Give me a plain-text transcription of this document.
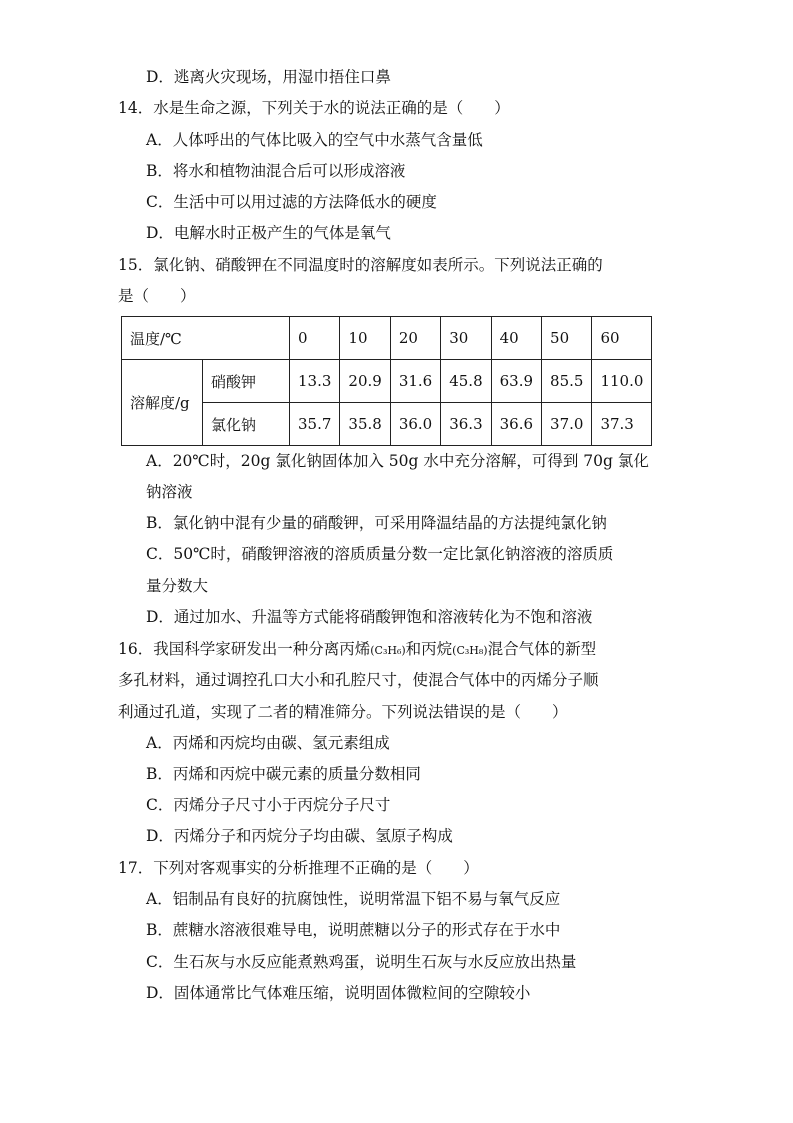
D．逃离火灾现场，用湿巾捂住口鼻
14．水是生命之源，下列关于水的说法正确的是（　　）
A．人体呼出的气体比吸入的空气中水蒸气含量低
B．将水和植物油混合后可以形成溶液
C．生活中可以用过滤的方法降低水的硬度
D．电解水时正极产生的气体是氧气
15．氯化钠、硝酸钾在不同温度时的溶解度如表所示。下列说法正确的
是（　　）
温度/℃		0	10	20	30	40	50	60
溶解度/g	硝酸钾	13.3	20.9	31.6	45.8	63.9	85.5	110.0
	氯化钠	35.7	35.8	36.0	36.3	36.6	37.0	37.3
A．20℃时，20g 氯化钠固体加入 50g 水中充分溶解，可得到 70g 氯化
钠溶液
B．氯化钠中混有少量的硝酸钾，可采用降温结晶的方法提纯氯化钠
C．50℃时，硝酸钾溶液的溶质质量分数一定比氯化钠溶液的溶质质
量分数大
D．通过加水、升温等方式能将硝酸钾饱和溶液转化为不饱和溶液
16．我国科学家研发出一种分离丙烯(C₃H₆)和丙烷(C₃H₈)混合气体的新型
多孔材料，通过调控孔口大小和孔腔尺寸，使混合气体中的丙烯分子顺
利通过孔道，实现了二者的精准筛分。下列说法错误的是（　　）
A．丙烯和丙烷均由碳、氢元素组成
B．丙烯和丙烷中碳元素的质量分数相同
C．丙烯分子尺寸小于丙烷分子尺寸
D．丙烯分子和丙烷分子均由碳、氢原子构成
17．下列对客观事实的分析推理不正确的是（　　）
A．铝制品有良好的抗腐蚀性，说明常温下铝不易与氧气反应
B．蔗糖水溶液很难导电，说明蔗糖以分子的形式存在于水中
C．生石灰与水反应能煮熟鸡蛋，说明生石灰与水反应放出热量
D．固体通常比气体难压缩，说明固体微粒间的空隙较小
